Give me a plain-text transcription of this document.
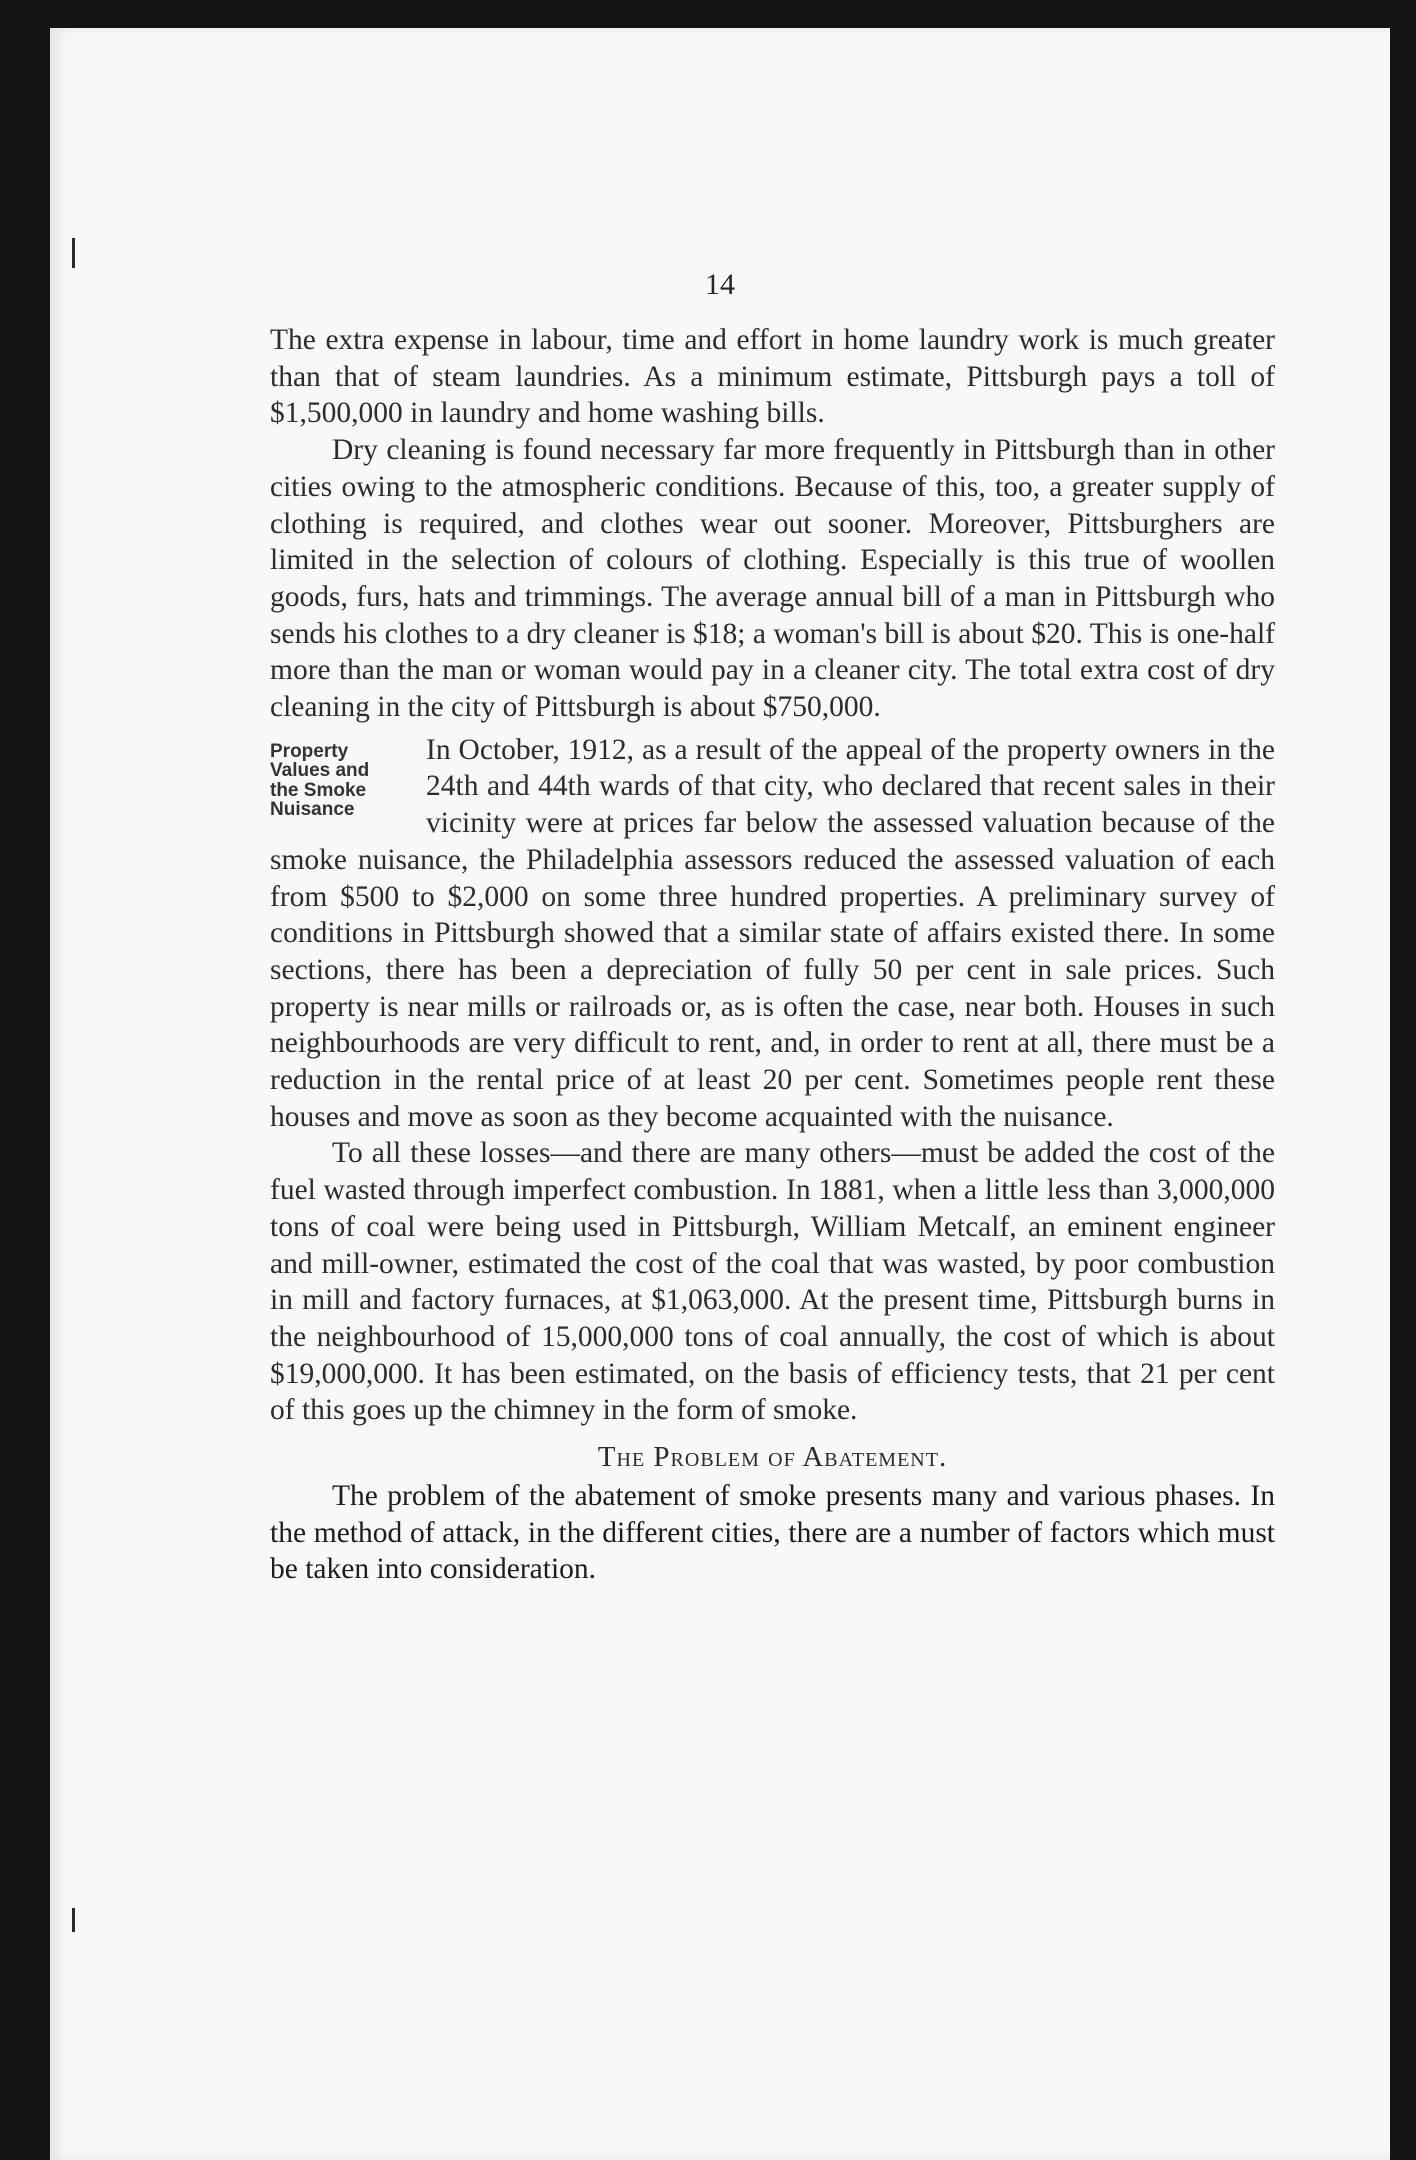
14

The extra expense in labour, time and effort in home laundry work is much greater than that of steam laundries. As a minimum estimate, Pittsburgh pays a toll of $1,500,000 in laundry and home washing bills.

Dry cleaning is found necessary far more frequently in Pittsburgh than in other cities owing to the atmospheric conditions. Because of this, too, a greater supply of clothing is required, and clothes wear out sooner. Moreover, Pittsburghers are limited in the selection of colours of clothing. Especially is this true of woollen goods, furs, hats and trimmings. The average annual bill of a man in Pittsburgh who sends his clothes to a dry cleaner is $18; a woman's bill is about $20. This is one-half more than the man or woman would pay in a cleaner city. The total extra cost of dry cleaning in the city of Pittsburgh is about $750,000.

Property
Values and
the Smoke
Nuisance

In October, 1912, as a result of the appeal of the property owners in the 24th and 44th wards of that city, who declared that recent sales in their vicinity were at prices far below the assessed valuation because of the smoke nuisance, the Philadelphia assessors reduced the assessed valuation of each from $500 to $2,000 on some three hundred properties. A preliminary survey of conditions in Pittsburgh showed that a similar state of affairs existed there. In some sections, there has been a depreciation of fully 50 per cent in sale prices. Such property is near mills or railroads or, as is often the case, near both. Houses in such neighbourhoods are very difficult to rent, and, in order to rent at all, there must be a reduction in the rental price of at least 20 per cent. Sometimes people rent these houses and move as soon as they become acquainted with the nuisance.

To all these losses—and there are many others—must be added the cost of the fuel wasted through imperfect combustion. In 1881, when a little less than 3,000,000 tons of coal were being used in Pittsburgh, William Metcalf, an eminent engineer and mill-owner, estimated the cost of the coal that was wasted, by poor combustion in mill and factory furnaces, at $1,063,000. At the present time, Pittsburgh burns in the neighbourhood of 15,000,000 tons of coal annually, the cost of which is about $19,000,000. It has been estimated, on the basis of efficiency tests, that 21 per cent of this goes up the chimney in the form of smoke.

The Problem of Abatement.

The problem of the abatement of smoke presents many and various phases. In the method of attack, in the different cities, there are a number of factors which must be taken into consideration.
